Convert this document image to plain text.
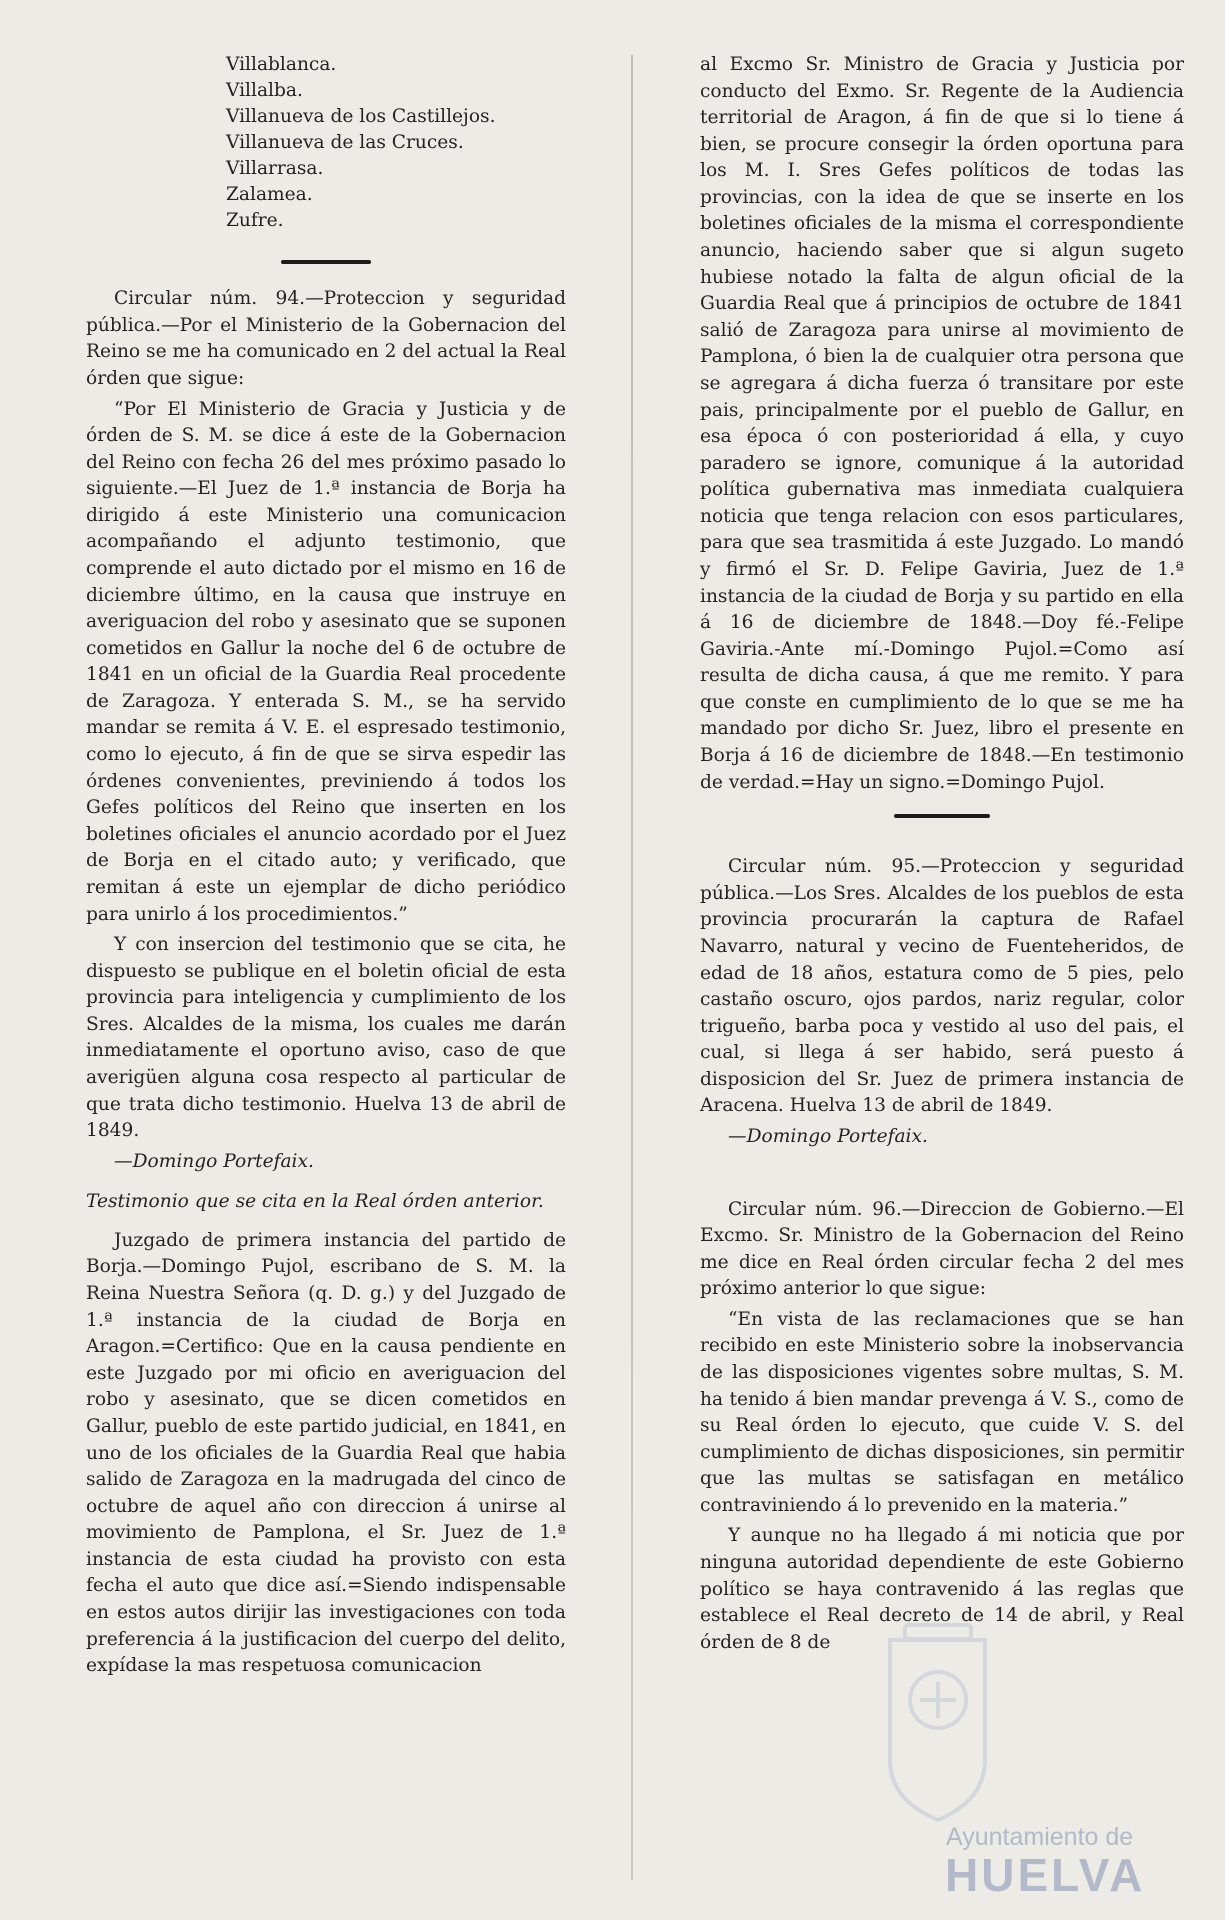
Villablanca.
Villalba.
Villanueva de los Castillejos.
Villanueva de las Cruces.
Villarrasa.
Zalamea.
Zufre.

Circular núm. 94.—Proteccion y seguridad pública.—Por el Ministerio de la Gobernacion del Reino se me ha comunicado en 2 del actual la Real órden que sigue:

“Por El Ministerio de Gracia y Justicia y de órden de S. M. se dice á este de la Gobernacion del Reino con fecha 26 del mes próximo pasado lo siguiente.—El Juez de 1.ª instancia de Borja ha dirigido á este Ministerio una comunicacion acompañando el adjunto testimonio, que comprende el auto dictado por el mismo en 16 de diciembre último, en la causa que instruye en averiguacion del robo y asesinato que se suponen cometidos en Gallur la noche del 6 de octubre de 1841 en un oficial de la Guardia Real procedente de Zaragoza. Y enterada S. M., se ha servido mandar se remita á V. E. el espresado testimonio, como lo ejecuto, á fin de que se sirva espedir las órdenes convenientes, previniendo á todos los Gefes políticos del Reino que inserten en los boletines oficiales el anuncio acordado por el Juez de Borja en el citado auto; y verificado, que remitan á este un ejemplar de dicho periódico para unirlo á los procedimientos.”

Y con insercion del testimonio que se cita, he dispuesto se publique en el boletin oficial de esta provincia para inteligencia y cumplimiento de los Sres. Alcaldes de la misma, los cuales me darán inmediatamente el oportuno aviso, caso de que averigüen alguna cosa respecto al particular de que trata dicho testimonio. Huelva 13 de abril de 1849.

—Domingo Portefaix.

Testimonio que se cita en la Real órden anterior.

Juzgado de primera instancia del partido de Borja.—Domingo Pujol, escribano de S. M. la Reina Nuestra Señora (q. D. g.) y del Juzgado de 1.ª instancia de la ciudad de Borja en Aragon.=Certifico: Que en la causa pendiente en este Juzgado por mi oficio en averiguacion del robo y asesinato, que se dicen cometidos en Gallur, pueblo de este partido judicial, en 1841, en uno de los oficiales de la Guardia Real que habia salido de Zaragoza en la madrugada del cinco de octubre de aquel año con direccion á unirse al movimiento de Pamplona, el Sr. Juez de 1.ª instancia de esta ciudad ha provisto con esta fecha el auto que dice así.=Siendo indispensable en estos autos dirijir las investigaciones con toda preferencia á la justificacion del cuerpo del delito, expídase la mas respetuosa comunicacion

al Excmo Sr. Ministro de Gracia y Justicia por conducto del Exmo. Sr. Regente de la Audiencia territorial de Aragon, á fin de que si lo tiene á bien, se procure consegir la órden oportuna para los M. I. Sres Gefes políticos de todas las provincias, con la idea de que se inserte en los boletines oficiales de la misma el correspondiente anuncio, haciendo saber que si algun sugeto hubiese notado la falta de algun oficial de la Guardia Real que á principios de octubre de 1841 salió de Zaragoza para unirse al movimiento de Pamplona, ó bien la de cualquier otra persona que se agregara á dicha fuerza ó transitare por este pais, principalmente por el pueblo de Gallur, en esa época ó con posterioridad á ella, y cuyo paradero se ignore, comunique á la autoridad política gubernativa mas inmediata cualquiera noticia que tenga relacion con esos particulares, para que sea trasmitida á este Juzgado. Lo mandó y firmó el Sr. D. Felipe Gaviria, Juez de 1.ª instancia de la ciudad de Borja y su partido en ella á 16 de diciembre de 1848.—Doy fé.-Felipe Gaviria.-Ante mí.-Domingo Pujol.=Como así resulta de dicha causa, á que me remito. Y para que conste en cumplimiento de lo que se me ha mandado por dicho Sr. Juez, libro el presente en Borja á 16 de diciembre de 1848.—En testimonio de verdad.=Hay un signo.=Domingo Pujol.

Circular núm. 95.—Proteccion y seguridad pública.—Los Sres. Alcaldes de los pueblos de esta provincia procurarán la captura de Rafael Navarro, natural y vecino de Fuenteheridos, de edad de 18 años, estatura como de 5 pies, pelo castaño oscuro, ojos pardos, nariz regular, color trigueño, barba poca y vestido al uso del pais, el cual, si llega á ser habido, será puesto á disposicion del Sr. Juez de primera instancia de Aracena. Huelva 13 de abril de 1849.

—Domingo Portefaix.

Circular núm. 96.—Direccion de Gobierno.—El Excmo. Sr. Ministro de la Gobernacion del Reino me dice en Real órden circular fecha 2 del mes próximo anterior lo que sigue:

“En vista de las reclamaciones que se han recibido en este Ministerio sobre la inobservancia de las disposiciones vigentes sobre multas, S. M. ha tenido á bien mandar prevenga á V. S., como de su Real órden lo ejecuto, que cuide V. S. del cumplimiento de dichas disposiciones, sin permitir que las multas se satisfagan en metálico contraviniendo á lo prevenido en la materia.”

Y aunque no ha llegado á mi noticia que por ninguna autoridad dependiente de este Gobierno político se haya contravenido á las reglas que establece el Real decreto de 14 de abril, y Real órden de 8 de

Ayuntamiento de
HUELVA
